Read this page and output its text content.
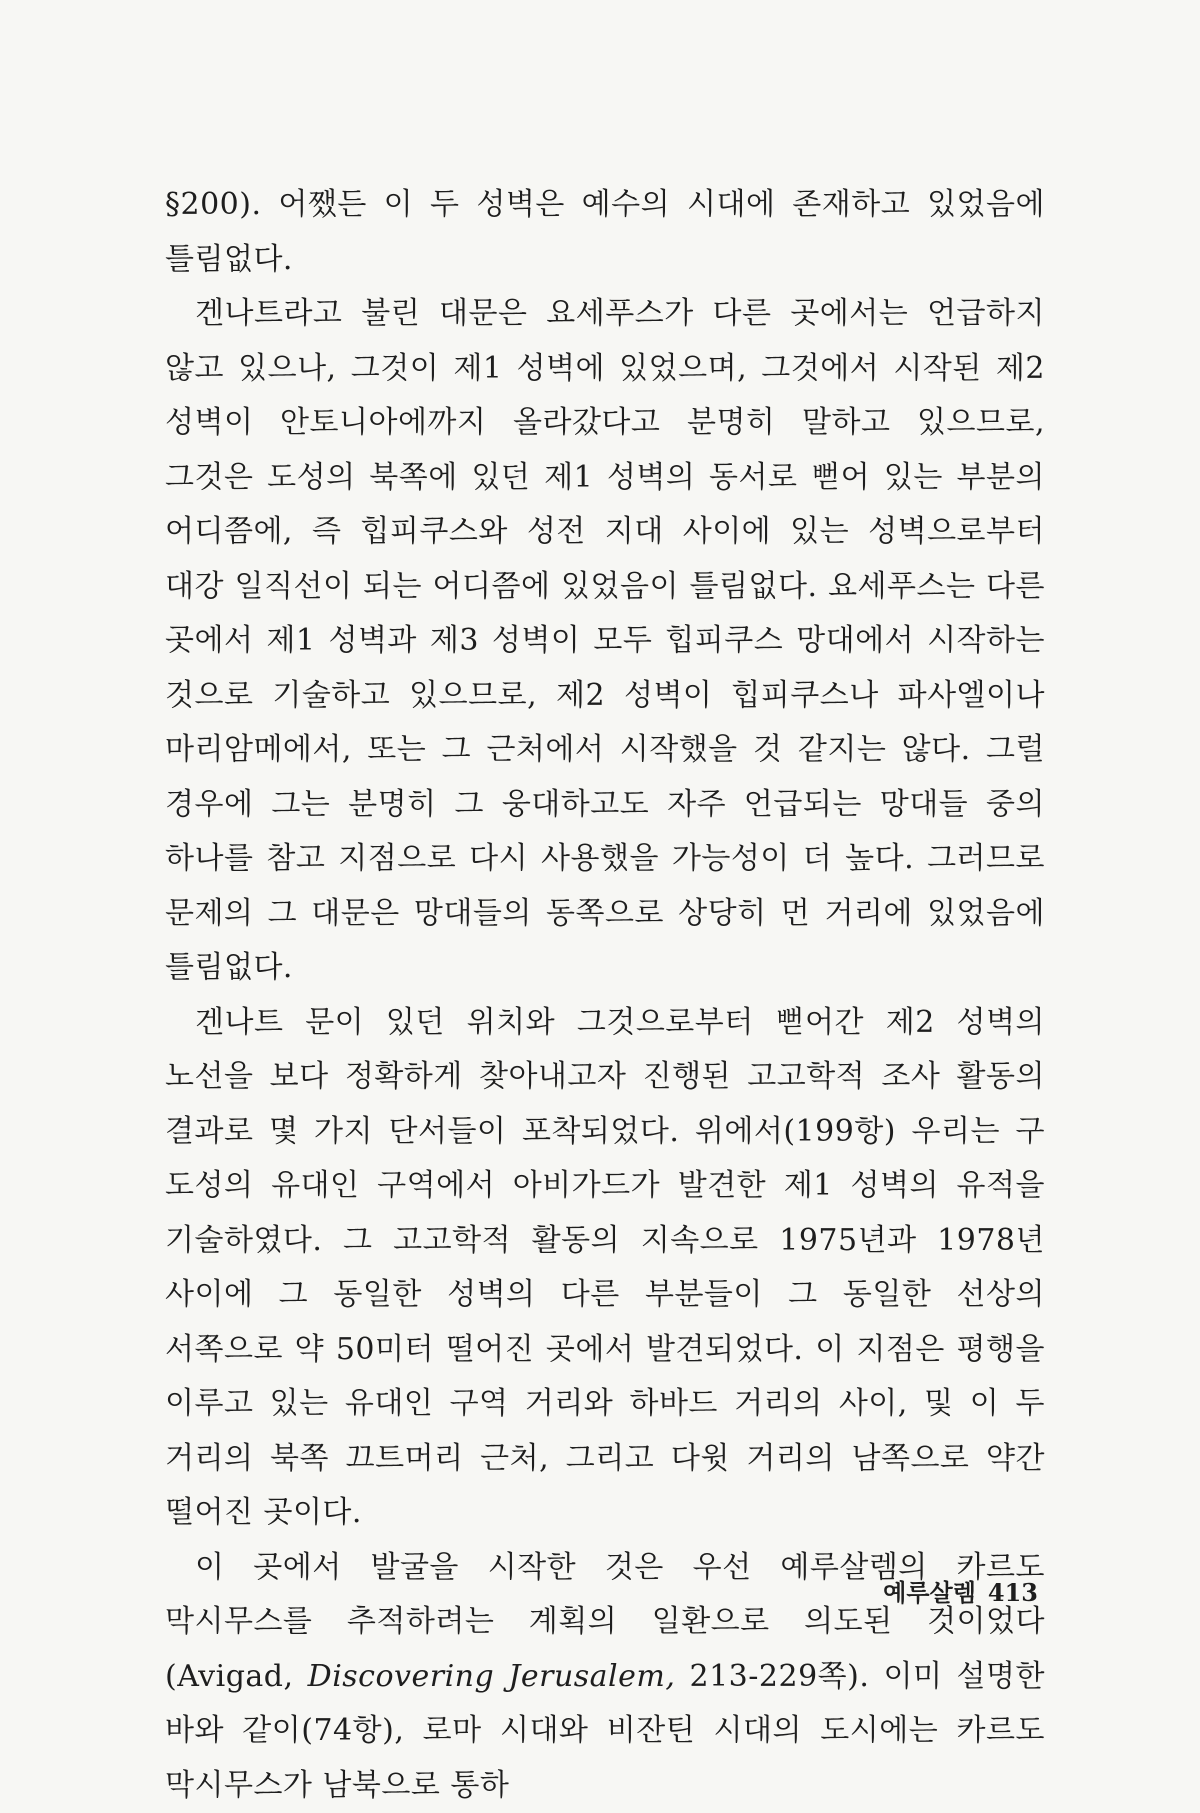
§200). 어쨌든 이 두 성벽은 예수의 시대에 존재하고 있었음에 틀림없다.

겐나트라고 불린 대문은 요세푸스가 다른 곳에서는 언급하지 않고 있으나, 그것이 제1 성벽에 있었으며, 그것에서 시작된 제2 성벽이 안토니아에까지 올라갔다고 분명히 말하고 있으므로, 그것은 도성의 북쪽에 있던 제1 성벽의 동서로 뻗어 있는 부분의 어디쯤에, 즉 힙피쿠스와 성전 지대 사이에 있는 성벽으로부터 대강 일직선이 되는 어디쯤에 있었음이 틀림없다. 요세푸스는 다른 곳에서 제1 성벽과 제3 성벽이 모두 힙피쿠스 망대에서 시작하는 것으로 기술하고 있으므로, 제2 성벽이 힙피쿠스나 파사엘이나 마리암메에서, 또는 그 근처에서 시작했을 것 같지는 않다. 그럴 경우에 그는 분명히 그 웅대하고도 자주 언급되는 망대들 중의 하나를 참고 지점으로 다시 사용했을 가능성이 더 높다. 그러므로 문제의 그 대문은 망대들의 동쪽으로 상당히 먼 거리에 있었음에 틀림없다.

겐나트 문이 있던 위치와 그것으로부터 뻗어간 제2 성벽의 노선을 보다 정확하게 찾아내고자 진행된 고고학적 조사 활동의 결과로 몇 가지 단서들이 포착되었다. 위에서(199항) 우리는 구 도성의 유대인 구역에서 아비가드가 발견한 제1 성벽의 유적을 기술하였다. 그 고고학적 활동의 지속으로 1975년과 1978년 사이에 그 동일한 성벽의 다른 부분들이 그 동일한 선상의 서쪽으로 약 50미터 떨어진 곳에서 발견되었다. 이 지점은 평행을 이루고 있는 유대인 구역 거리와 하바드 거리의 사이, 및 이 두 거리의 북쪽 끄트머리 근처, 그리고 다윗 거리의 남쪽으로 약간 떨어진 곳이다.

이 곳에서 발굴을 시작한 것은 우선 예루살렘의 카르도 막시무스를 추적하려는 계획의 일환으로 의도된 것이었다(Avigad, Discovering Jerusalem, 213-229쪽). 이미 설명한 바와 같이(74항), 로마 시대와 비잔틴 시대의 도시에는 카르도 막시무스가 남북으로 통하

예루살렘 413
